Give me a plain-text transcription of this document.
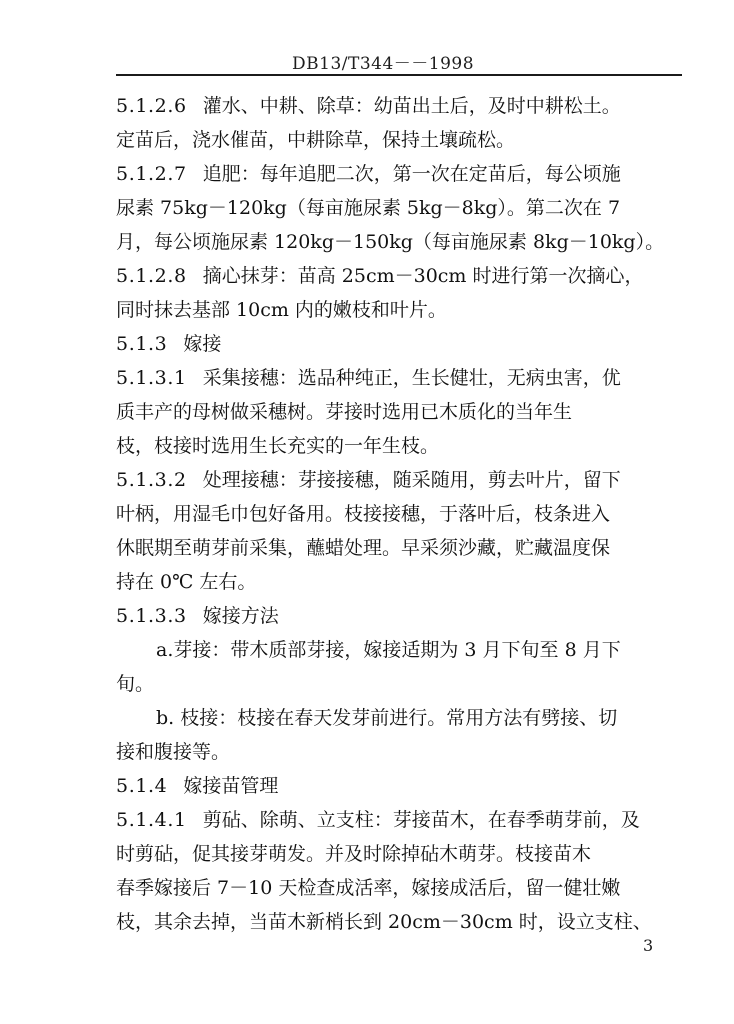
DB13/T344－－1998
5.1.2.6 灌水、中耕、除草：幼苗出土后，及时中耕松土。
定苗后，浇水催苗，中耕除草，保持土壤疏松。
5.1.2.7 追肥：每年追肥二次，第一次在定苗后，每公顷施
尿素 75kg－120kg（每亩施尿素 5kg－8kg）。第二次在 7
月，每公顷施尿素 120kg－150kg（每亩施尿素 8kg－10kg）。
5.1.2.8 摘心抹芽：苗高 25cm－30cm 时进行第一次摘心，
同时抹去基部 10cm 内的嫩枝和叶片。
5.1.3 嫁接
5.1.3.1 采集接穗：选品种纯正，生长健壮，无病虫害，优
质丰产的母树做采穗树。芽接时选用已木质化的当年生
枝，枝接时选用生长充实的一年生枝。
5.1.3.2 处理接穗：芽接接穗，随采随用，剪去叶片，留下
叶柄，用湿毛巾包好备用。枝接接穗，于落叶后，枝条进入
休眠期至萌芽前采集，蘸蜡处理。早采须沙藏，贮藏温度保
持在 0℃ 左右。
5.1.3.3 嫁接方法
a.芽接：带木质部芽接，嫁接适期为 3 月下旬至 8 月下
旬。
b. 枝接：枝接在春天发芽前进行。常用方法有劈接、切
接和腹接等。
5.1.4 嫁接苗管理
5.1.4.1 剪砧、除萌、立支柱：芽接苗木，在春季萌芽前，及
时剪砧，促其接芽萌发。并及时除掉砧木萌芽。枝接苗木
春季嫁接后 7－10 天检查成活率，嫁接成活后，留一健壮嫩
枝，其余去掉，当苗木新梢长到 20cm－30cm 时，设立支柱、
3
